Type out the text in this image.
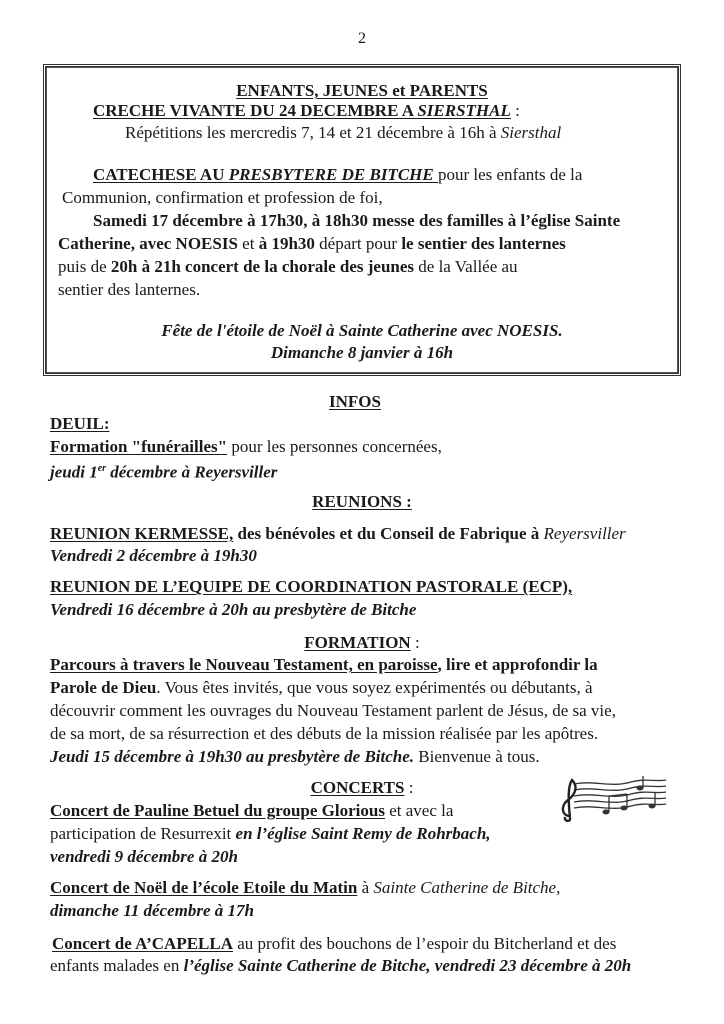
2
ENFANTS, JEUNES et PARENTS
CRECHE VIVANTE DU 24 DECEMBRE A SIERSTHAL :
Répétitions les mercredis 7, 14 et 21 décembre à 16h à Siersthal
CATECHESE AU PRESBYTERE DE BITCHE pour les enfants de la
Communion, confirmation et profession de foi,
Samedi 17 décembre à 17h30, à 18h30 messe des familles à l’église Sainte
Catherine, avec NOESIS et à 19h30 départ pour le sentier des lanternes
puis de 20h à 21h concert de la chorale des jeunes de la Vallée au
sentier des lanternes.
Fête de l'étoile de Noël à Sainte Catherine avec NOESIS.
Dimanche 8 janvier à 16h
INFOS
DEUIL:
Formation "funérailles" pour les personnes concernées,
jeudi 1er décembre à Reyersviller
REUNIONS :
REUNION KERMESSE, des bénévoles et du Conseil de Fabrique à Reyersviller
Vendredi 2 décembre à 19h30
REUNION DE L’EQUIPE DE COORDINATION PASTORALE (ECP),
Vendredi 16 décembre à 20h au presbytère de Bitche
FORMATION :
Parcours à travers le Nouveau Testament, en paroisse, lire et approfondir la
Parole de Dieu. Vous êtes invités, que vous soyez expérimentés ou débutants, à
découvrir comment les ouvrages du Nouveau Testament parlent de Jésus, de sa vie,
de sa mort, de sa résurrection et des débuts de la mission réalisée par les apôtres.
Jeudi 15 décembre à 19h30 au presbytère de Bitche. Bienvenue à tous.
CONCERTS :
Concert de Pauline Betuel du groupe Glorious et avec la
participation de Resurrexit en l’église Saint Remy de Rohrbach,
vendredi 9 décembre à 20h
Concert de Noël de l’école Etoile du Matin à Sainte Catherine de Bitche,
dimanche 11 décembre à 17h
Concert de A’CAPELLA au profit des bouchons de l’espoir du Bitcherland et des
enfants malades en l’église Sainte Catherine de Bitche, vendredi 23 décembre à 20h
